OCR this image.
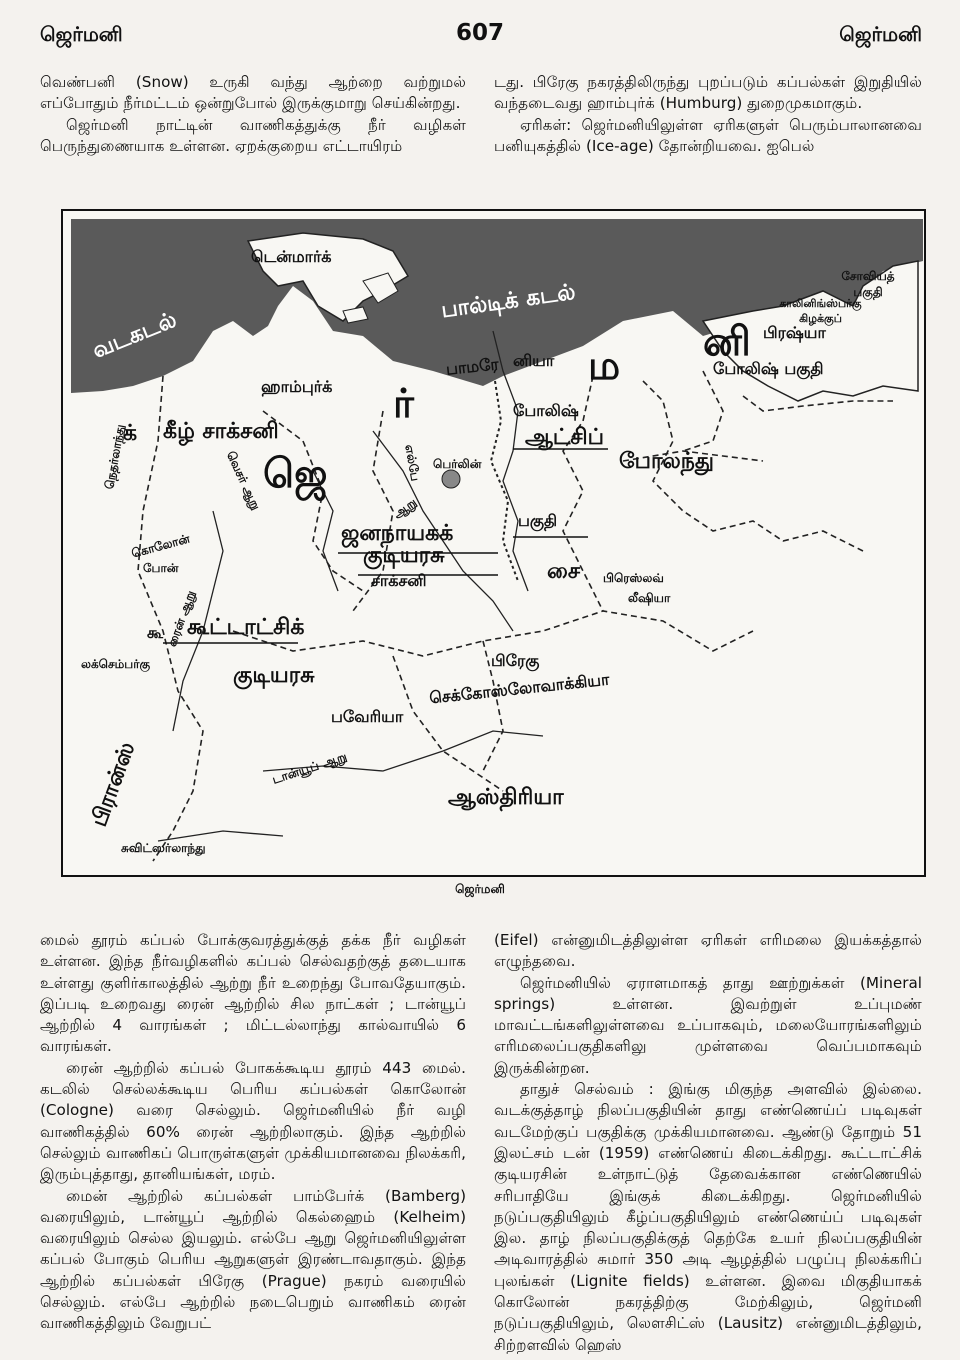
ஜெர்மனி	607	ஜெர்மனி

வெண்பனி (Snow) உருகி வந்து ஆற்றை வற்றுமல் எப்போதும் நீர்மட்டம் ஒன்றுபோல் இருக்குமாறு செய்கின்றது.

ஜெர்மனி நாட்டின் வாணிகத்துக்கு நீர் வழிகள் பெருந்துணையாக உள்ளன. ஏறக்குறைய எட்டாயிரம்

டது. பிரேகு நகரத்திலிருந்து புறப்படும் கப்பல்கள் இறுதியில் வந்தடைவது ஹாம்புர்க் (Humburg) துறைமுகமாகும்.

ஏரிகள்: ஜெர்மனியிலுள்ள ஏரிகளுள் பெரும்பாலானவை பனியுகத்தில் (Ice-age) தோன்றியவை. ஐபெல்

டென்மார்க்
பால்டிக் கடல்
வடகடல்
சோவியத் பகுதி
காலினிங்ஸ்பர்கு கிழக்குப்
பிரஷ்யா
னி
போலிஷ் பகுதி
ஹாம்புர்க்
பாமரே னியா ம
ர்
கீழ் சாக்சனி
போலிஷ்
ஆட்சிப்
போலந்து
க்
ஜெ	பெர்லின்
எல்பே
வெசர் ஆறு
நெதர்லாந்து
ரைன் ஆறு
ஆறு
ஜனநாயகக்
குடியரசு
பகுதி
சாக்சனி	சை பிரெஸ்லவ்
லீஷியா
கொலோன்
போன்
கூட்டாட்சிக்
கூ
லக்செம்பர்கு	குடியரசு
பிரேகு
செக்கோஸ்லோவாக்கியா
பவேரியா
டான்யூப் ஆறு
பிரான்ஸ்	ஆஸ்திரியா
சுவிட்ஸர்லாந்து
ஜெர்மனி

மைல் தூரம் கப்பல் போக்குவரத்துக்குத் தக்க நீர் வழிகள் உள்ளன. இந்த நீர்வழிகளில் கப்பல் செல்வதற்குத் தடையாக உள்ளது குளிர்காலத்தில் ஆற்று நீர் உறைந்து போவதேயாகும். இப்படி உறைவது ரைன் ஆற்றில் சில நாட்கள் ; டான்யூப் ஆற்றில் 4 வாரங்கள் ; மிட்டல்லாந்து கால்வாயில் 6 வாரங்கள்.

ரைன் ஆற்றில் கப்பல் போகக்கூடிய தூரம் 443 மைல். கடலில் செல்லக்கூடிய பெரிய கப்பல்கள் கொலோன் (Cologne) வரை செல்லும். ஜெர்மனியில் நீர் வழி வாணிகத்தில் 60% ரைன் ஆற்றிலாகும். இந்த ஆற்றில் செல்லும் வாணிகப் பொருள்களுள் முக்கியமானவை நிலக்கரி, இரும்புத்தாது, தானியங்கள், மரம்.

மைன் ஆற்றில் கப்பல்கள் பாம்பேர்க் (Bamberg) வரையிலும், டான்யூப் ஆற்றில் கெல்ஹைம் (Kelheim) வரையிலும் செல்ல இயலும். எல்பே ஆறு ஜெர்மனியிலுள்ள கப்பல் போகும் பெரிய ஆறுகளுள் இரண்டாவதாகும். இந்த ஆற்றில் கப்பல்கள் பிரேகு (Prague) நகரம் வரையில் செல்லும். எல்பே ஆற்றில் நடைபெறும் வாணிகம் ரைன் வாணிகத்திலும் வேறுபட்

(Eifel) என்னுமிடத்திலுள்ள ஏரிகள் எரிமலை இயக்கத்தால் எழுந்தவை.

ஜெர்மனியில் ஏராளமாகத் தாது ஊற்றுக்கள் (Mineral springs) உள்ளன. இவற்றுள் உப்புமண் மாவட்டங்களிலுள்ளவை உப்பாகவும், மலையோரங்களிலும் எரிமலைப்பகுதிகளிலு முள்ளவை வெப்பமாகவும் இருக்கின்றன.

தாதுச் செல்வம் : இங்கு மிகுந்த அளவில் இல்லை. வடக்குத்தாழ் நிலப்பகுதியின் தாது எண்ணெய்ப் படிவுகள் வடமேற்குப் பகுதிக்கு முக்கியமானவை. ஆண்டு தோறும் 51 இலட்சம் டன் (1959) எண்ணெய் கிடைக்கிறது. கூட்டாட்சிக் குடியரசின் உள்நாட்டுத் தேவைக்கான எண்ணெயில் சரிபாதியே இங்குக் கிடைக்கிறது. ஜெர்மனியில் நடுப்பகுதியிலும் கீழ்ப்பகுதியிலும் எண்ணெய்ப் படிவுகள் இல. தாழ் நிலப்பகுதிக்குத் தெற்கே உயர் நிலப்பகுதியின் அடிவாரத்தில் சுமார் 350 அடி ஆழத்தில் பழுப்பு நிலக்கரிப் புலங்கள் (Lignite fields) உள்ளன. இவை மிகுதியாகக் கொலோன் நகரத்திற்கு மேற்கிலும், ஜெர்மனி நடுப்பகுதியிலும், லௌசிட்ஸ் (Lausitz) என்னுமிடத்திலும், சிற்றளவில் ஹெஸ்
